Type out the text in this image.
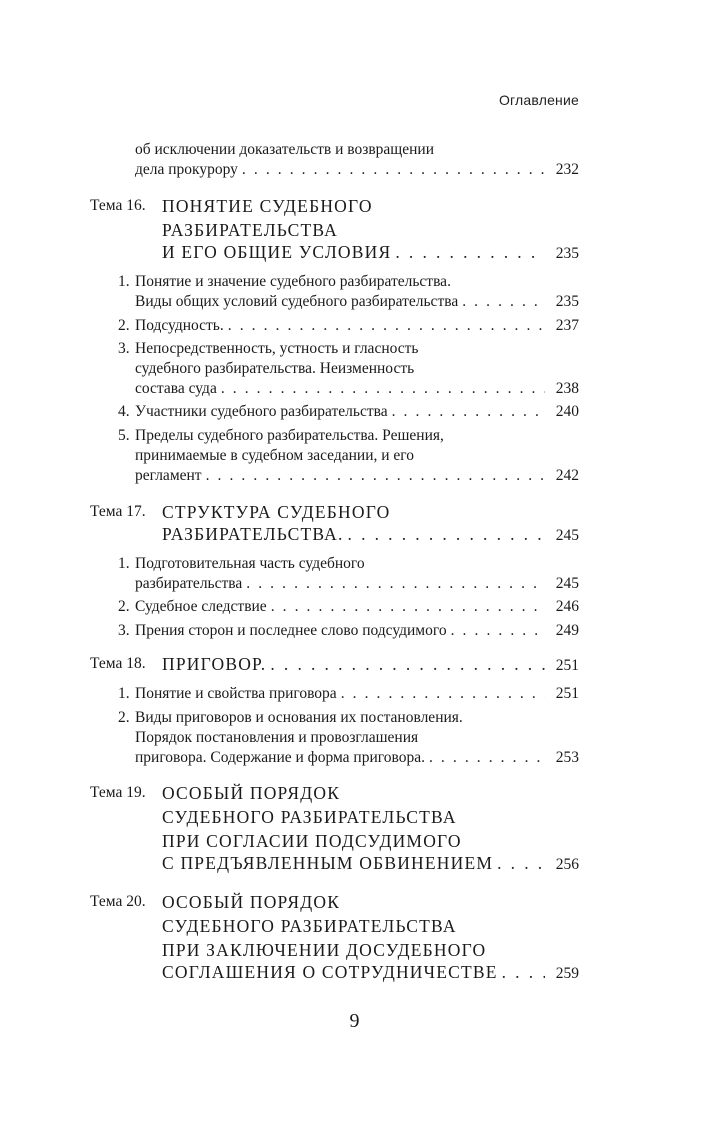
Оглавление
об исключении доказательств и возвращении
дела прокурору . . .	232
Тема 16. ПОНЯТИЕ СУДЕБНОГО
РАЗБИРАТЕЛЬСТВА
И ЕГО ОБЩИЕ УСЛОВИЯ . . .	235
1. Понятие и значение судебного разбирательства.
Виды общих условий судебного разбирательства . . .	235
2. Подсудность. . . .	237
3. Непосредственность, устность и гласность
судебного разбирательства. Неизменность
состава суда . . .	238
4. Участники судебного разбирательства . . .	240
5. Пределы судебного разбирательства. Решения,
принимаемые в судебном заседании, и его
регламент . . .	242
Тема 17. СТРУКТУРА СУДЕБНОГО
РАЗБИРАТЕЛЬСТВА. . . .	245
1. Подготовительная часть судебного
разбирательства . . .	245
2. Судебное следствие . . .	246
3. Прения сторон и последнее слово подсудимого . . .	249
Тема 18. ПРИГОВОР. . . .	251
1. Понятие и свойства приговора . . .	251
2. Виды приговоров и основания их постановления.
Порядок постановления и провозглашения
приговора. Содержание и форма приговора. . . .	253
Тема 19. ОСОБЫЙ ПОРЯДОК
СУДЕБНОГО РАЗБИРАТЕЛЬСТВА
ПРИ СОГЛАСИИ ПОДСУДИМОГО
С ПРЕДЪЯВЛЕННЫМ ОБВИНЕНИЕМ . . .	256
Тема 20. ОСОБЫЙ ПОРЯДОК
СУДЕБНОГО РАЗБИРАТЕЛЬСТВА
ПРИ ЗАКЛЮЧЕНИИ ДОСУДЕБНОГО
СОГЛАШЕНИЯ О СОТРУДНИЧЕСТВЕ . . .	259
9
